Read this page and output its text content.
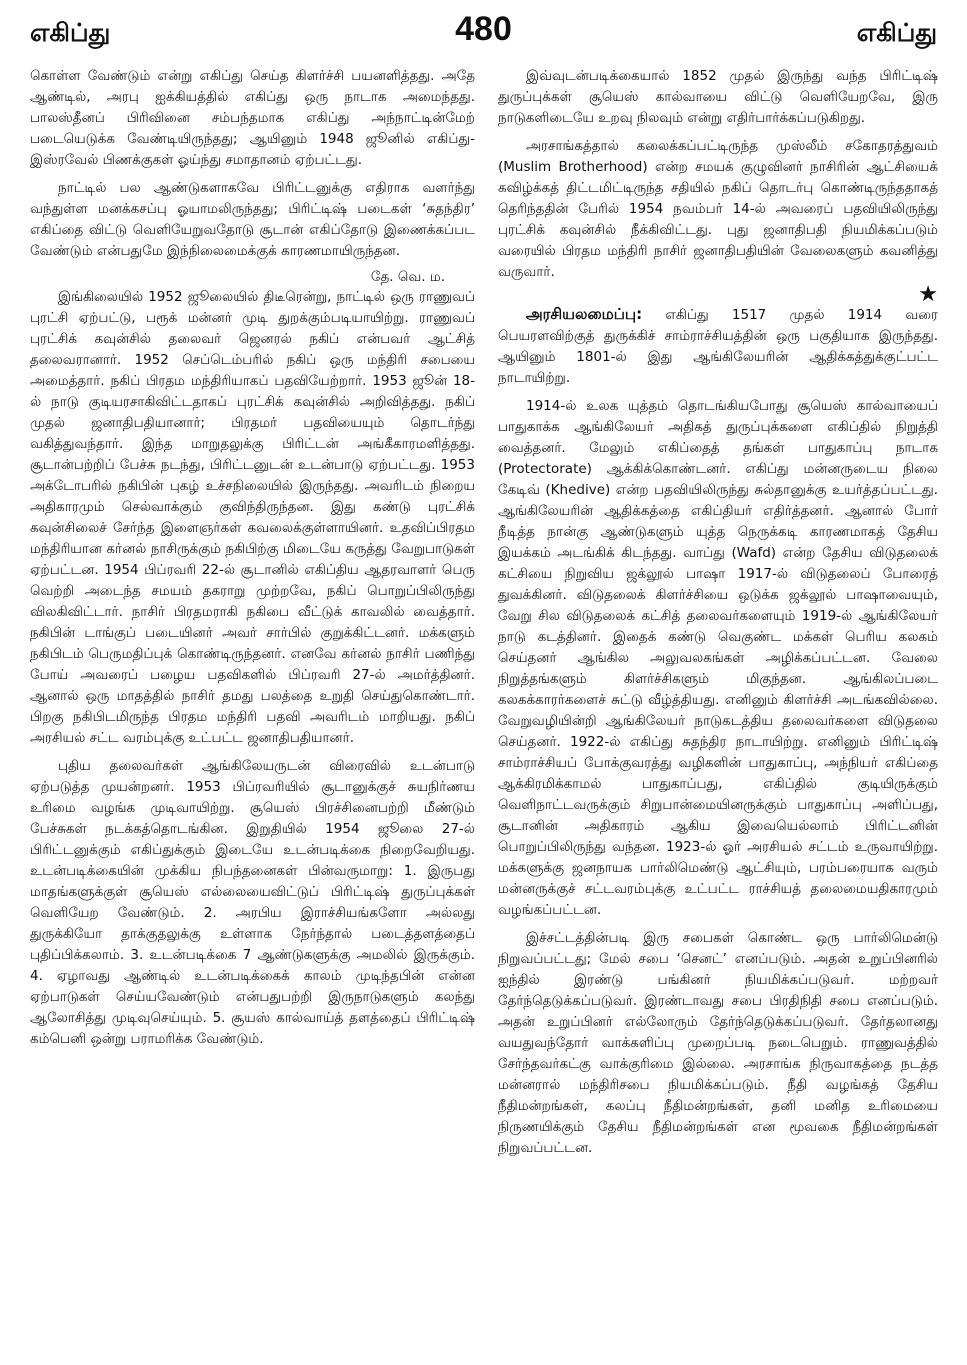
எகிப்து	480	எகிப்து

கொள்ள வேண்டும் என்று எகிப்து செய்த கிளர்ச்சி பயனளித்தது. அதே ஆண்டில், அரபு ஐக்கியத்தில் எகிப்து ஒரு நாடாக அமைந்தது. பாலஸ்தீனப் பிரிவினை சம்பந்தமாக எகிப்து அந்நாட்டின்மேற் படையெடுக்க வேண்டியிருந்தது; ஆயினும் 1948 ஜூனில் எகிப்து-இஸ்ரவேல் பிணக்குகள் ஓய்ந்து சமாதானம் ஏற்பட்டது.

நாட்டில் பல ஆண்டுகளாகவே பிரிட்டனுக்கு எதிராக வளர்ந்து வந்துள்ள மனக்கசப்பு ஓயாமலிருந்தது; பிரிட்டிஷ் படைகள் ‘சுதந்திர’ எகிப்தை விட்டு வெளியேறுவதோடு சூடான் எகிப்தோடு இணைக்கப்பட வேண்டும் என்பதுமே இந்நிலைமைக்குக் காரணமாயிருந்தன.

தே. வெ. ம.

இங்கிலையில் 1952 ஜூலையில் திடீரென்று, நாட்டில் ஒரு ராணுவப் புரட்சி ஏற்பட்டு, பரூக் மன்னர் முடி துறக்கும்படியாயிற்று. ராணுவப் புரட்சிக் கவுன்சில் தலைவர் ஜெனரல் நகிப் என்பவர் ஆட்சித் தலைவரானார். 1952 செப்டெம்பரில் நகிப் ஒரு மந்திரி சபையை அமைத்தார். நகிப் பிரதம மந்திரியாகப் பதவியேற்றார். 1953 ஜூன் 18-ல் நாடு குடியரசாகிவிட்டதாகப் புரட்சிக் கவுன்சில் அறிவித்தது. நகிப் முதல் ஜனாதிபதியானார்; பிரதமர் பதவியையும் தொடர்ந்து வகித்துவந்தார். இந்த மாறுதலுக்கு பிரிட்டன் அங்கீகாரமளித்தது. சூடான்பற்றிப் பேச்சு நடந்து, பிரிட்டனுடன் உடன்பாடு ஏற்பட்டது. 1953 அக்டோபரில் நகிபின் புகழ் உச்சநிலையில் இருந்தது. அவரிடம் நிறைய அதிகாரமும் செல்வாக்கும் குவிந்திருந்தன. இது கண்டு புரட்சிக் கவுன்சிலைச் சேர்ந்த இளைஞர்கள் கவலைக்குள்ளாயினர். உதவிப்பிரதம மந்திரியான கர்னல் நாசிருக்கும் நகிபிற்கு மிடையே கருத்து வேறுபாடுகள் ஏற்பட்டன. 1954 பிப்ரவரி 22-ல் சூடானில் எகிப்திய ஆதரவாளர் பெரு வெற்றி அடைந்த சமயம் தகராறு முற்றவே, நகிப் பொறுப்பிலிருந்து விலகிவிட்டார். நாசிர் பிரதமராகி நகிபை வீட்டுக் காவலில் வைத்தார். நகிபின் டாங்குப் படையினர் அவர் சார்பில் குறுக்கிட்டனர். மக்களும் நகிபிடம் பெருமதிப்புக் கொண்டிருந்தனர். எனவே கர்னல் நாசிர் பணிந்து போய் அவரைப் பழைய பதவிகளில் பிப்ரவரி 27-ல் அமர்த்தினர். ஆனால் ஒரு மாதத்தில் நாசிர் தமது பலத்தை உறுதி செய்துகொண்டார். பிறகு நகிபிடமிருந்த பிரதம மந்திரி பதவி அவரிடம் மாறியது. நகிப் அரசியல் சட்ட வரம்புக்கு உட்பட்ட ஜனாதிபதியானர்.

புதிய தலைவர்கள் ஆங்கிலேயருடன் விரைவில் உடன்பாடு ஏற்படுத்த முயன்றனர். 1953 பிப்ரவரியில் சூடானுக்குச் சுயநிர்ணய உரிமை வழங்க முடிவாயிற்று. சூயெஸ் பிரச்சினைபற்றி மீண்டும் பேச்சுகள் நடக்கத்தொடங்கின. இறுதியில் 1954 ஜூலை 27-ல் பிரிட்டனுக்கும் எகிப்துக்கும் இடையே உடன்படிக்கை நிறைவேறியது. உடன்படிக்கையின் முக்கிய நிபந்தனைகள் பின்வருமாறு: 1. இருபது மாதங்களுக்குள் சூயெஸ் எல்லையைவிட்டுப் பிரிட்டிஷ் துருப்புக்கள் வெளியேற வேண்டும். 2. அரபிய இராச்சியங்களோ அல்லது துருக்கியோ தாக்குதலுக்கு உள்ளாக நேர்ந்தால் படைத்தளத்தைப் புதிப்பிக்கலாம். 3. உடன்படிக்கை 7 ஆண்டுகளுக்கு அமலில் இருக்கும். 4. ஏழாவது ஆண்டில் உடன்படிக்கைக் காலம் முடிந்தபின் என்ன ஏற்பாடுகள் செய்யவேண்டும் என்பதுபற்றி இருநாடுகளும் கலந்து ஆலோசித்து முடிவுசெய்யும். 5. சூயஸ் கால்வாய்த் தளத்தைப் பிரிட்டிஷ் கம்பெனி ஒன்று பராமரிக்க வேண்டும்.

இவ்வுடன்படிக்கையால் 1852 முதல் இருந்து வந்த பிரிட்டிஷ் துருப்புக்கள் சூயெஸ் கால்வாயை விட்டு வெளியேறவே, இரு நாடுகளிடையே உறவு நிலவும் என்று எதிர்பார்க்கப்படுகிறது.

அரசாங்கத்தால் கலைக்கப்பட்டிருந்த முஸ்லீம் சகோதரத்துவம் (Muslim Brotherhood) என்ற சமயக் குழுவினர் நாசிரின் ஆட்சியைக் கவிழ்க்கத் திட்டமிட்டிருந்த சதியில் நகிப் தொடர்பு கொண்டிருந்ததாகத் தெரிந்ததின் பேரில் 1954 நவம்பர் 14-ல் அவரைப் பதவியிலிருந்து புரட்சிக் கவுன்சில் நீக்கிவிட்டது. புது ஜனாதிபதி நியமிக்கப்படும் வரையில் பிரதம மந்திரி நாசிர் ஜனாதிபதியின் வேலைகளும் கவனித்து வருவார்.

★

அரசியலமைப்பு: எகிப்து 1517 முதல் 1914 வரை பெயரளவிற்குத் துருக்கிச் சாம்ராச்சியத்தின் ஒரு பகுதியாக இருந்தது. ஆயினும் 1801-ல் இது ஆங்கிலேயரின் ஆதிக்கத்துக்குட்பட்ட நாடாயிற்று.

1914-ல் உலக யுத்தம் தொடங்கியபோது சூயெஸ் கால்வாயைப் பாதுகாக்க ஆங்கிலேயர் அதிகத் துருப்புக்களை எகிப்தில் நிறுத்தி வைத்தனர். மேலும் எகிப்தைத் தங்கள் பாதுகாப்பு நாடாக (Protectorate) ஆக்கிக்கொண்டனர். எகிப்து மன்னருடைய நிலை கேடிவ் (Khedive) என்ற பதவியிலிருந்து சுல்தானுக்கு உயர்த்தப்பட்டது. ஆங்கிலேயரின் ஆதிக்கத்தை எகிப்தியர் எதிர்த்தனர். ஆனால் போர் நீடித்த நான்கு ஆண்டுகளும் யுத்த நெருக்கடி காரணமாகத் தேசிய இயக்கம் அடங்கிக் கிடந்தது. வாப்து (Wafd) என்ற தேசிய விடுதலைக் கட்சியை நிறுவிய ஜக்லூல் பாஷா 1917-ல் விடுதலைப் போரைத் துவக்கினர். விடுதலைக் கிளர்ச்சியை ஒடுக்க ஜக்லூல் பாஷாவையும், வேறு சில விடுதலைக் கட்சித் தலைவர்களையும் 1919-ல் ஆங்கிலேயர் நாடு கடத்தினர். இதைக் கண்டு வெகுண்ட மக்கள் பெரிய கலகம் செய்தனர் ஆங்கில அலுவலகங்கள் அழிக்கப்பட்டன. வேலை நிறுத்தங்களும் கிளர்ச்சிகளும் மிகுந்தன. ஆங்கிலப்படை கலகக்காரர்களைச் சுட்டு வீழ்த்தியது. எனினும் கிளர்ச்சி அடங்கவில்லை. வேறுவழியின்றி ஆங்கிலேயர் நாடுகடத்திய தலைவர்களை விடுதலை செய்தனர். 1922-ல் எகிப்து சுதந்திர நாடாயிற்று. எனினும் பிரிட்டிஷ் சாம்ராச்சியப் போக்குவரத்து வழிகளின் பாதுகாப்பு, அந்நியர் எகிப்தை ஆக்கிரமிக்காமல் பாதுகாப்பது, எகிப்தில் குடியிருக்கும் வெளிநாட்டவருக்கும் சிறுபான்மையினருக்கும் பாதுகாப்பு அளிப்பது, சூடானின் அதிகாரம் ஆகிய இவையெல்லாம் பிரிட்டனின் பொறுப்பிலிருந்து வந்தன. 1923-ல் ஓர் அரசியல் சட்டம் உருவாயிற்று. மக்களுக்கு ஜனநாயக பார்லிமெண்டு ஆட்சியும், பரம்பரையாக வரும் மன்னருக்குச் சட்டவரம்புக்கு உட்பட்ட ராச்சியத் தலைமையதிகாரமும் வழங்கப்பட்டன.

இச்சட்டத்தின்படி இரு சபைகள் கொண்ட ஒரு பார்லிமென்டு நிறுவப்பட்டது; மேல் சபை ‘செனட்’ எனப்படும். அதன் உறுப்பினரில் ஐந்தில் இரண்டு பங்கினர் நியமிக்கப்படுவர். மற்றவர் தேர்ந்தெடுக்கப்படுவர். இரண்டாவது சபை பிரதிநிதி சபை எனப்படும். அதன் உறுப்பினர் எல்லோரும் தேர்ந்தெடுக்கப்படுவர். தேர்தலானது வயதுவந்தோர் வாக்களிப்பு முறைப்படி நடைபெறும். ராணுவத்தில் சேர்ந்தவர்கட்கு வாக்குரிமை இல்லை. அரசாங்க நிருவாகத்தை நடத்த மன்னரால் மந்திரிசபை நியமிக்கப்படும். நீதி வழங்கத் தேசிய நீதிமன்றங்கள், கலப்பு நீதிமன்றங்கள், தனி மனித உரிமையை நிருணயிக்கும் தேசிய நீதிமன்றங்கள் என மூவகை நீதிமன்றங்கள் நிறுவப்பட்டன.
